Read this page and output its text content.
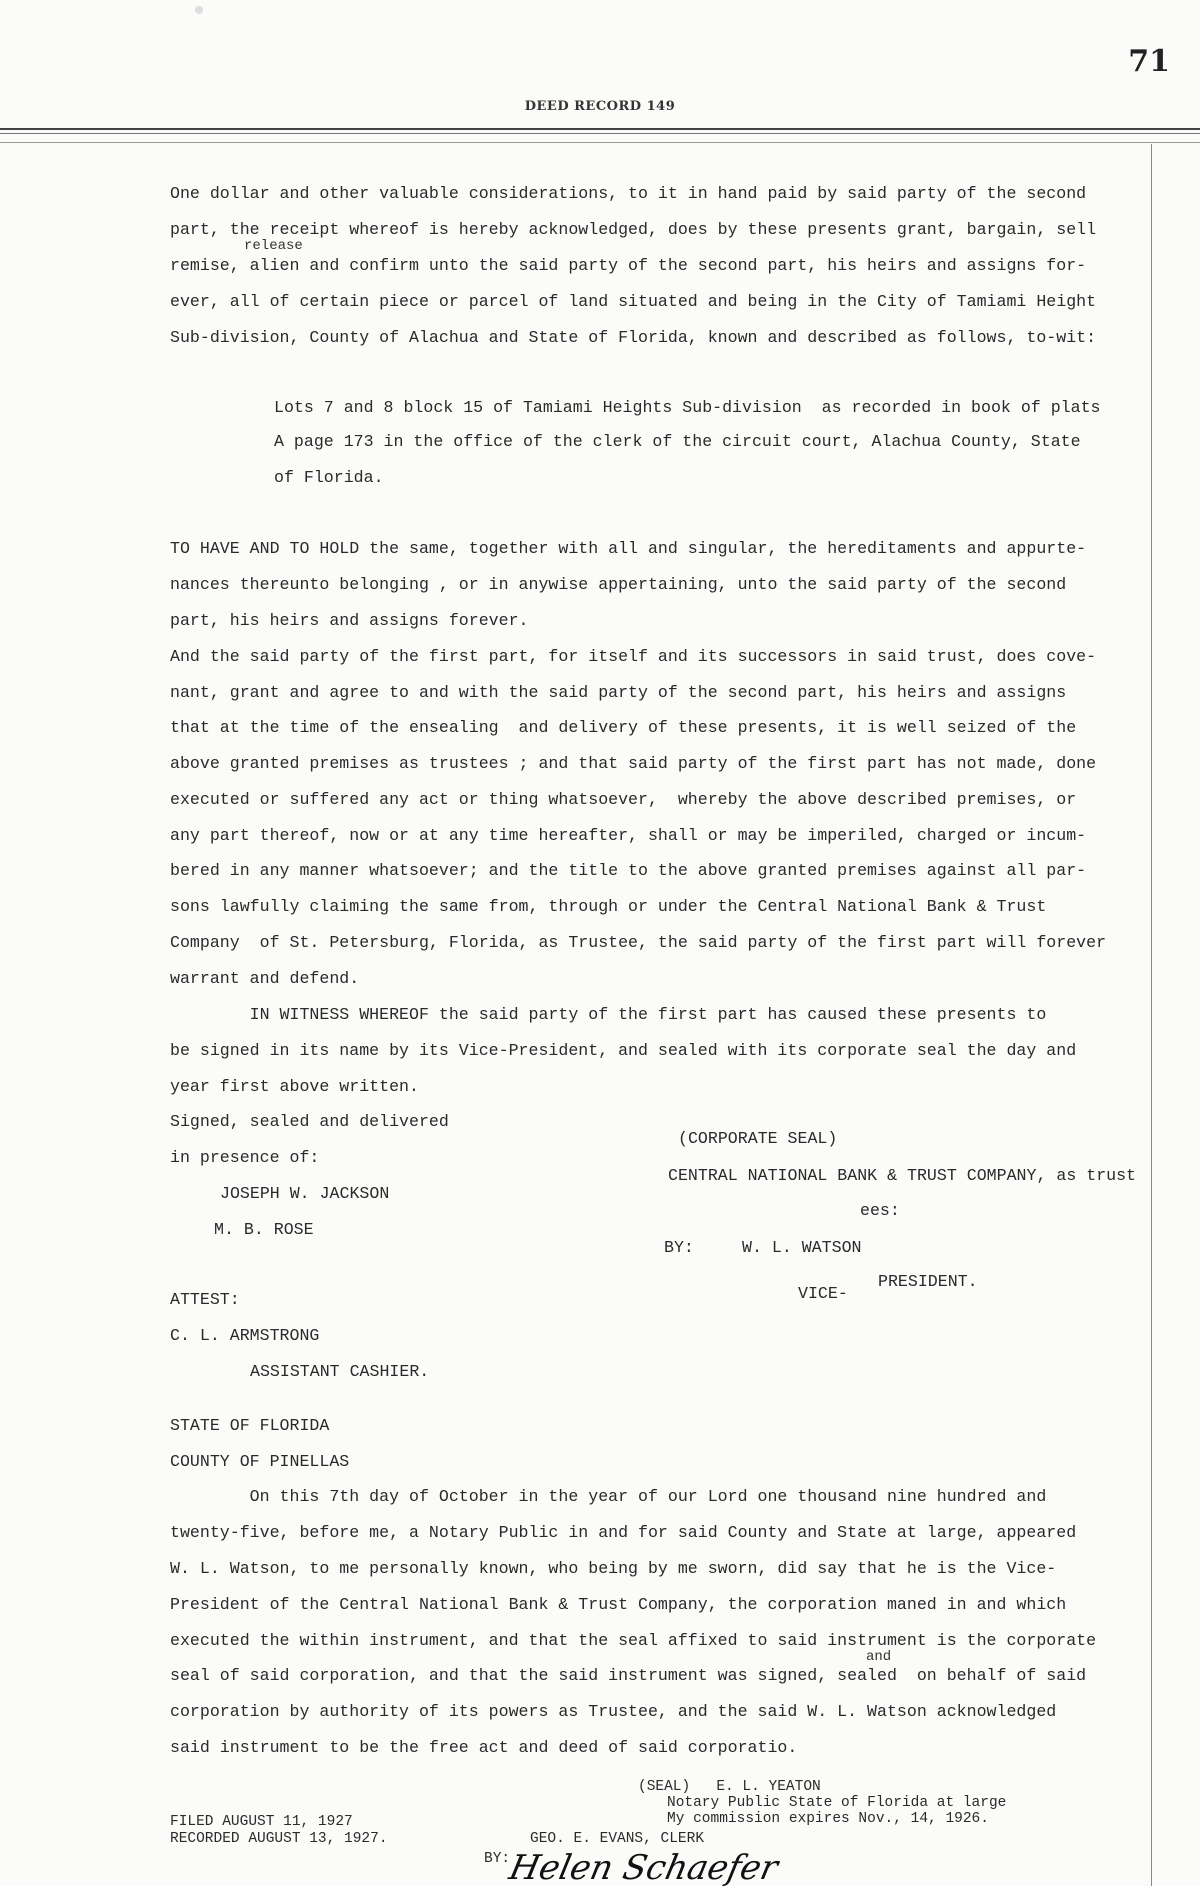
71
DEED RECORD 149
One dollar and other valuable considerations, to it in hand paid by said party of the second
part, the receipt whereof is hereby acknowledged, does by these presents grant, bargain, sell
release
remise, alien and confirm unto the said party of the second part, his heirs and assigns for-
ever, all of certain piece or parcel of land situated and being in the City of Tamiami Height
Sub-division, County of Alachua and State of Florida, known and described as follows, to-wit:
Lots 7 and 8 block 15 of Tamiami Heights Sub-division  as recorded in book of plats
A page 173 in the office of the clerk of the circuit court, Alachua County, State
of Florida.
TO HAVE AND TO HOLD the same, together with all and singular, the hereditaments and appurte-
nances thereunto belonging , or in anywise appertaining, unto the said party of the second
part, his heirs and assigns forever.
And the said party of the first part, for itself and its successors in said trust, does cove-
nant, grant and agree to and with the said party of the second part, his heirs and assigns
that at the time of the ensealing  and delivery of these presents, it is well seized of the
above granted premises as trustees ; and that said party of the first part has not made, done
executed or suffered any act or thing whatsoever,  whereby the above described premises, or
any part thereof, now or at any time hereafter, shall or may be imperiled, charged or incum-
bered in any manner whatsoever; and the title to the above granted premises against all par-
sons lawfully claiming the same from, through or under the Central National Bank & Trust
Company  of St. Petersburg, Florida, as Trustee, the said party of the first part will forever
warrant and defend.
IN WITNESS WHEREOF the said party of the first part has caused these presents to
be signed in its name by its Vice-President, and sealed with its corporate seal the day and
year first above written.
Signed, sealed and delivered
(CORPORATE SEAL)
in presence of:
CENTRAL NATIONAL BANK & TRUST COMPANY, as trust
JOSEPH W. JACKSON
ees:
M. B. ROSE
BY:	W. L. WATSON
PRESIDENT.
VICE-
ATTEST:
C. L. ARMSTRONG
ASSISTANT CASHIER.
STATE OF FLORIDA
COUNTY OF PINELLAS
On this 7th day of October in the year of our Lord one thousand nine hundred and
twenty-five, before me, a Notary Public in and for said County and State at large, appeared
W. L. Watson, to me personally known, who being by me sworn, did say that he is the Vice-
President of the Central National Bank & Trust Company, the corporation maned in and which
executed the within instrument, and that the seal affixed to said instrument is the corporate
and
seal of said corporation, and that the said instrument was signed, sealed  on behalf of said
corporation by authority of its powers as Trustee, and the said W. L. Watson acknowledged
said instrument to be the free act and deed of said corporatio.
(SEAL)   E. L. YEATON
Notary Public State of Florida at large
My commission expires Nov., 14, 1926.
FILED AUGUST 11, 1927
RECORDED AUGUST 13, 1927.	GEO. E. EVANS, CLERK
BY:
Helen Schaefer
